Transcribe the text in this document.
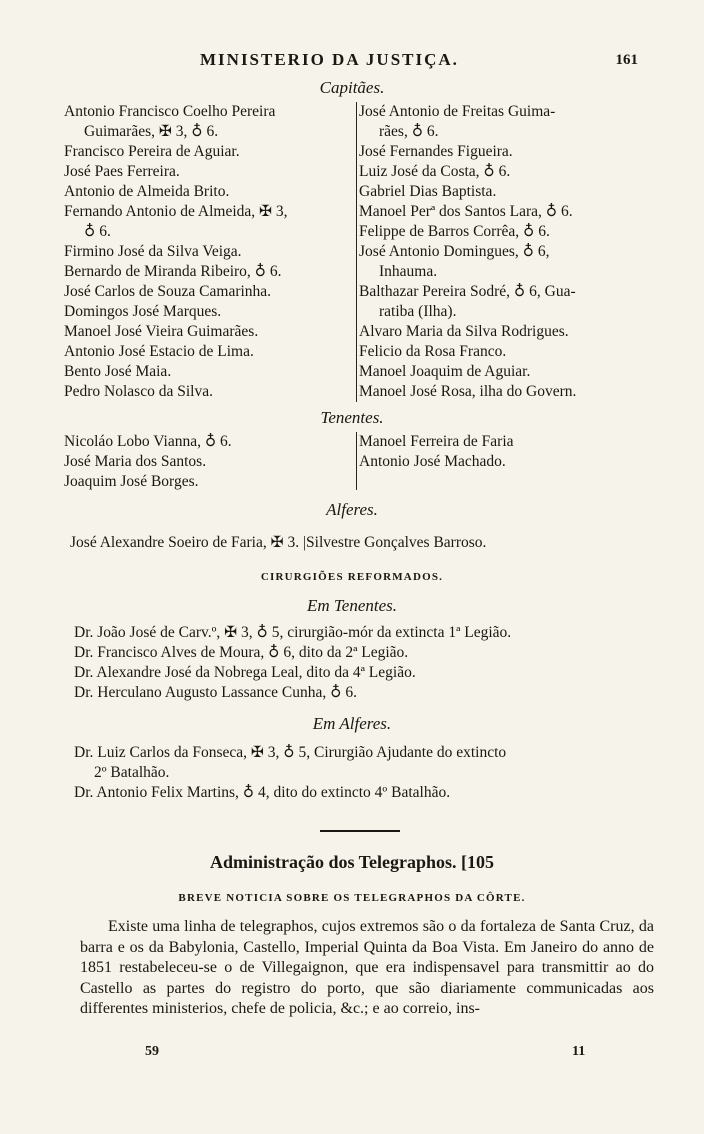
MINISTERIO DA JUSTIÇA.	161
Capitães.
Antonio Francisco Coelho Pereira
Guimarães, ✠ 3, ♁ 6.
Francisco Pereira de Aguiar.
José Paes Ferreira.
Antonio de Almeida Brito.
Fernando Antonio de Almeida, ✠ 3,
♁ 6.
Firmino José da Silva Veiga.
Bernardo de Miranda Ribeiro, ♁ 6.
José Carlos de Souza Camarinha.
Domingos José Marques.
Manoel José Vieira Guimarães.
Antonio José Estacio de Lima.
Bento José Maia.
Pedro Nolasco da Silva.
José Antonio de Freitas Guima-
rães, ♁ 6.
José Fernandes Figueira.
Luiz José da Costa, ♁ 6.
Gabriel Dias Baptista.
Manoel Perª dos Santos Lara, ♁ 6.
Felippe de Barros Corrêa, ♁ 6.
José Antonio Domingues, ♁ 6,
Inhauma.
Balthazar Pereira Sodré, ♁ 6, Gua-
ratiba (Ilha).
Alvaro Maria da Silva Rodrigues.
Felicio da Rosa Franco.
Manoel Joaquim de Aguiar.
Manoel José Rosa, ilha do Govern.
Tenentes.
Nicoláo Lobo Vianna, ♁ 6.
José Maria dos Santos.
Joaquim José Borges.
Manoel Ferreira de Faria
Antonio José Machado.
Alferes.
José Alexandre Soeiro de Faria, ✠ 3. |Silvestre Gonçalves Barroso.
CIRURGIÕES REFORMADOS.
Em Tenentes.
Dr. João José de Carv.º, ✠ 3, ♁ 5, cirurgião-mór da extincta 1ª Legião.
Dr. Francisco Alves de Moura, ♁ 6, dito da 2ª Legião.
Dr. Alexandre José da Nobrega Leal, dito da 4ª Legião.
Dr. Herculano Augusto Lassance Cunha, ♁ 6.
Em Alferes.
Dr. Luiz Carlos da Fonseca, ✠ 3, ♁ 5, Cirurgião Ajudante do extincto
2º Batalhão.
Dr. Antonio Felix Martins, ♁ 4, dito do extincto 4º Batalhão.
Administração dos Telegraphos. [105
BREVE NOTICIA SOBRE OS TELEGRAPHOS DA CÔRTE.

Existe uma linha de telegraphos, cujos extremos são o da fortaleza de Santa Cruz, da barra e os da Babylonia, Castello, Imperial Quinta da Boa Vista. Em Janeiro do anno de 1851 restabeleceu-se o de Villegaignon, que era indispensavel para transmittir ao do Castello as partes do registro do porto, que são diariamente communicadas aos differentes ministerios, chefe de policia, &c.; e ao correio, ins-

59	11
